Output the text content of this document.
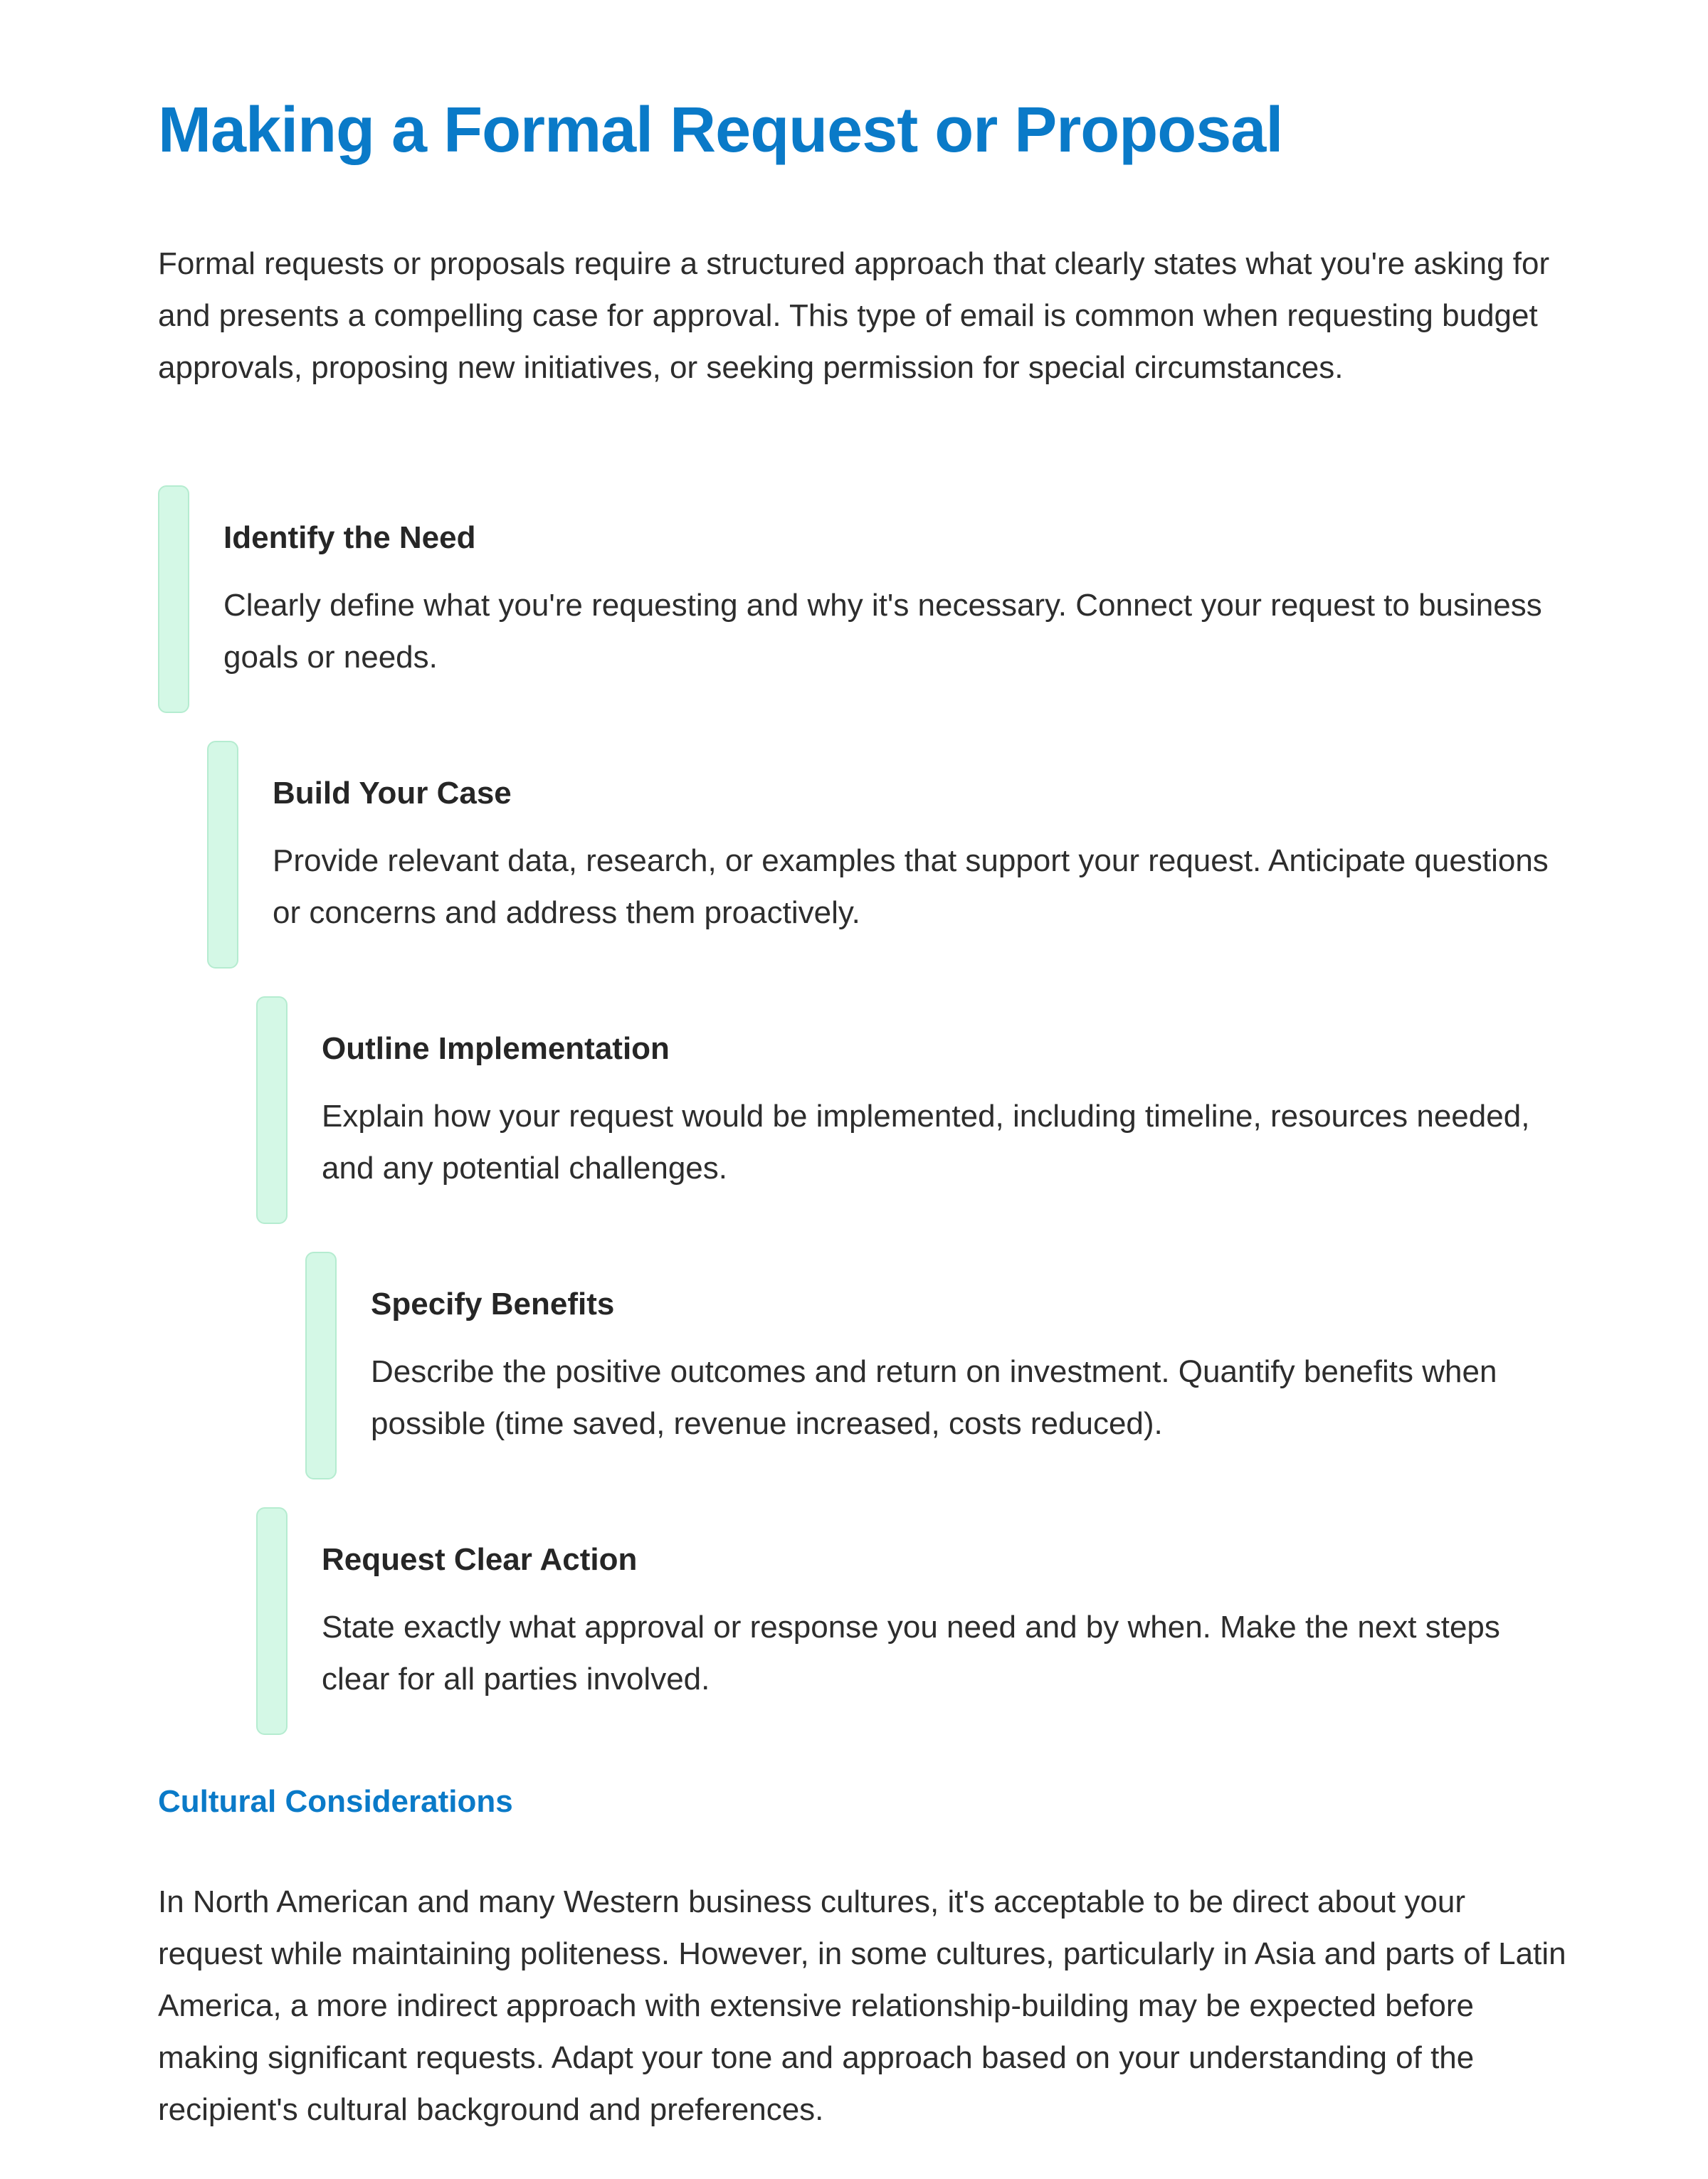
Making a Formal Request or Proposal

Formal requests or proposals require a structured approach that clearly states what you're asking for and presents a compelling case for approval. This type of email is common when requesting budget approvals, proposing new initiatives, or seeking permission for special circumstances.

Identify the Need

Clearly define what you're requesting and why it's necessary. Connect your request to business goals or needs.

Build Your Case

Provide relevant data, research, or examples that support your request. Anticipate questions or concerns and address them proactively.

Outline Implementation

Explain how your request would be implemented, including timeline, resources needed, and any potential challenges.

Specify Benefits

Describe the positive outcomes and return on investment. Quantify benefits when possible (time saved, revenue increased, costs reduced).

Request Clear Action

State exactly what approval or response you need and by when. Make the next steps clear for all parties involved.

Cultural Considerations

In North American and many Western business cultures, it's acceptable to be direct about your request while maintaining politeness. However, in some cultures, particularly in Asia and parts of Latin America, a more indirect approach with extensive relationship-building may be expected before making significant requests. Adapt your tone and approach based on your understanding of the recipient's cultural background and preferences.
